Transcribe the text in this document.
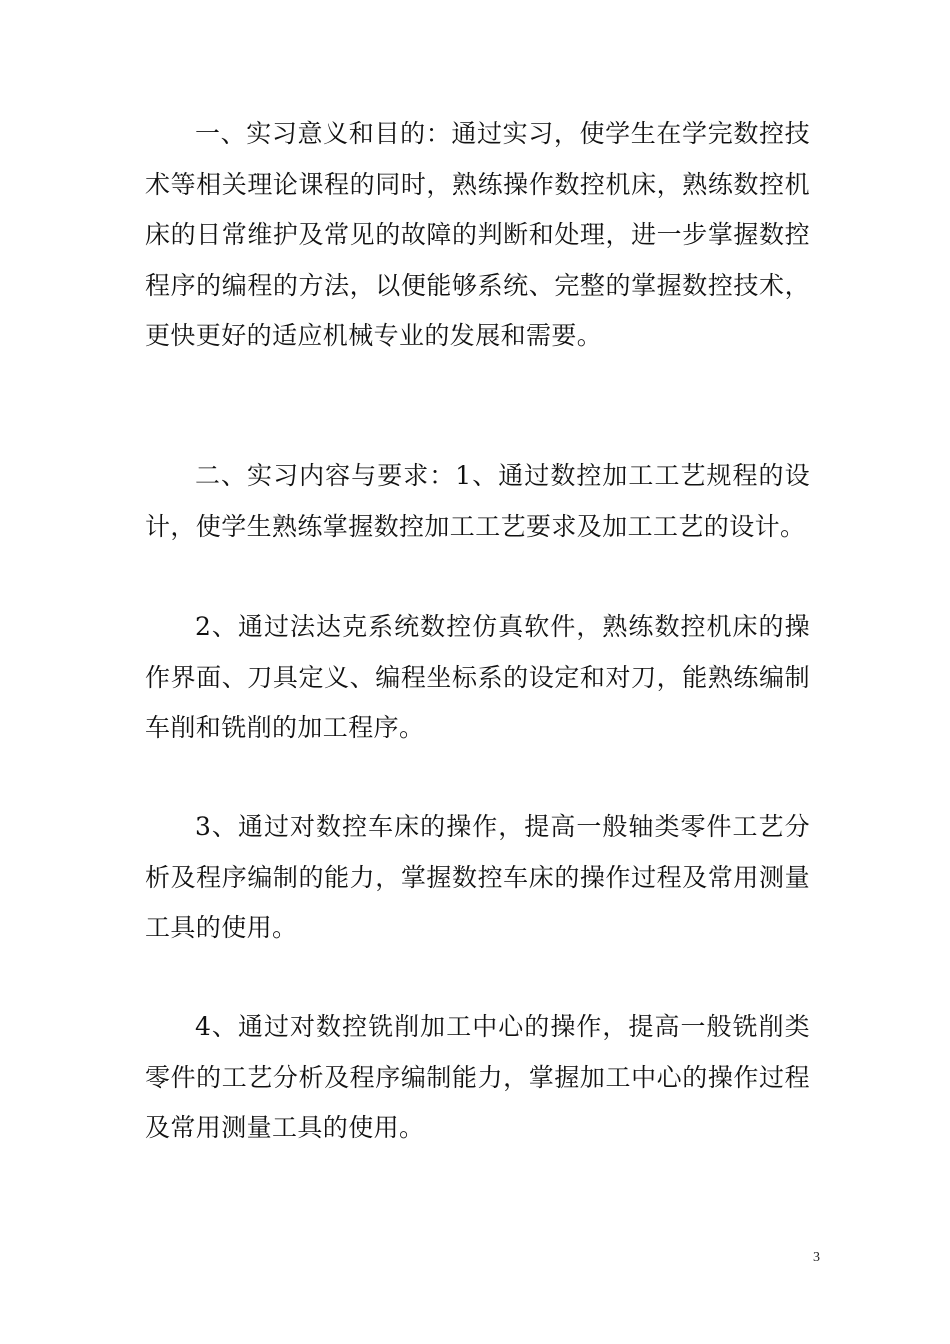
一、实习意义和目的：通过实习，使学生在学完数控技术等相关理论课程的同时，熟练操作数控机床，熟练数控机床的日常维护及常见的故障的判断和处理，进一步掌握数控程序的编程的方法，以便能够系统、完整的掌握数控技术，更快更好的适应机械专业的发展和需要。

二、实习内容与要求：1、通过数控加工工艺规程的设计，使学生熟练掌握数控加工工艺要求及加工工艺的设计。

2、通过法达克系统数控仿真软件，熟练数控机床的操作界面、刀具定义、编程坐标系的设定和对刀，能熟练编制车削和铣削的加工程序。

3、通过对数控车床的操作，提高一般轴类零件工艺分析及程序编制的能力，掌握数控车床的操作过程及常用测量工具的使用。

4、通过对数控铣削加工中心的操作，提高一般铣削类零件的工艺分析及程序编制能力，掌握加工中心的操作过程及常用测量工具的使用。

3
